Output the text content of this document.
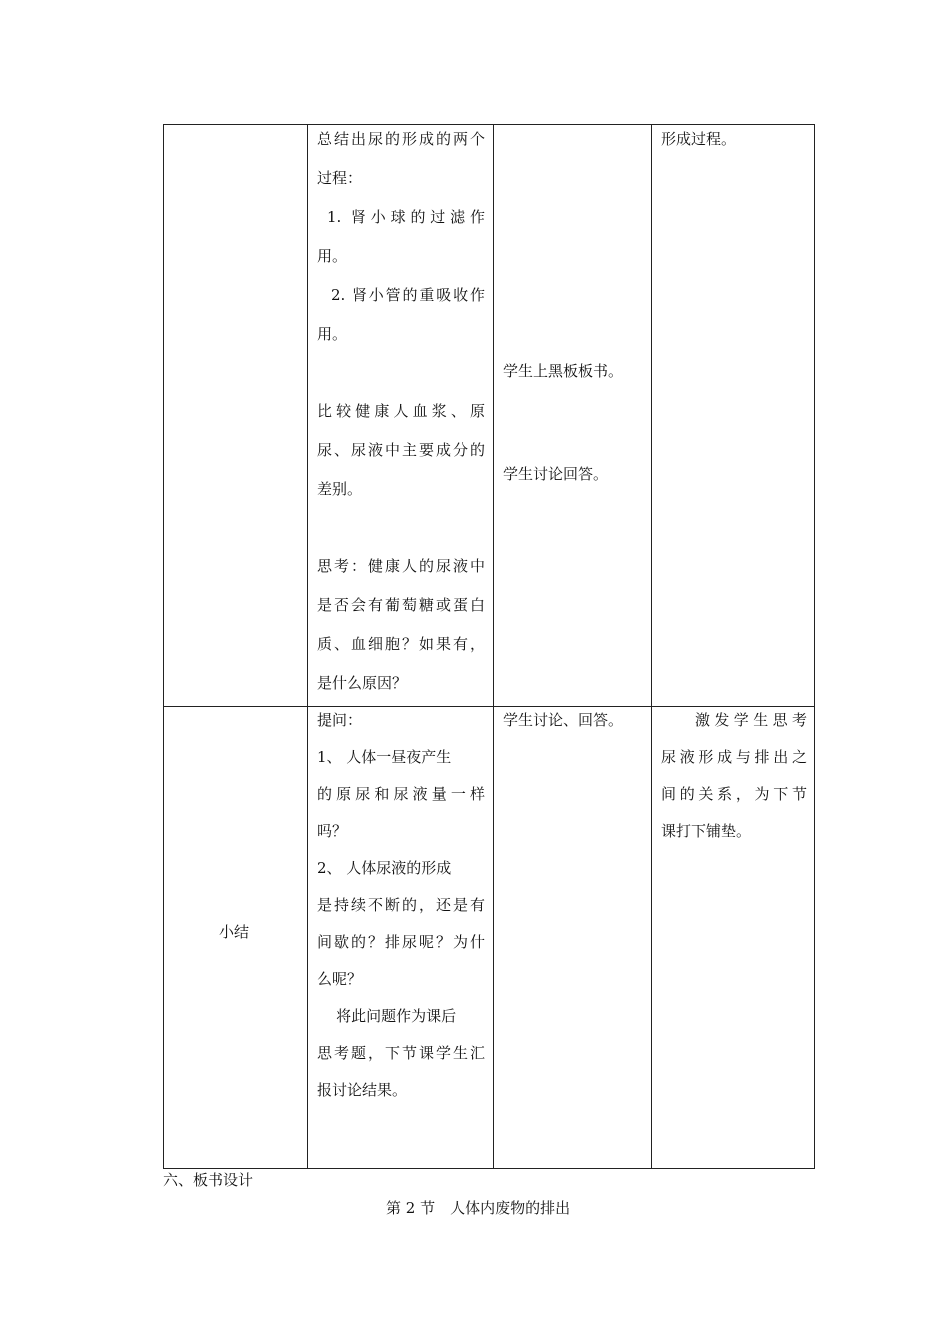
总结出尿的形成的两个
过程：
1. 肾小球的过滤作
用。
2. 肾小管的重吸收作
用。
比较健康人血浆、原
尿、尿液中主要成分的
差别。
思考：健康人的尿液中
是否会有葡萄糖或蛋白
质、血细胞？如果有，
是什么原因？
学生上黑板板书。
学生讨论回答。
形成过程。
小结
提问：
1、 人体一昼夜产生
的原尿和尿液量一样
吗？
2、 人体尿液的形成
是持续不断的，还是有
间歇的？排尿呢？为什
么呢？
将此问题作为课后
思考题，下节课学生汇
报讨论结果。
学生讨论、回答。	激发学生思考
尿液形成与排出之
间的关系，为下节
课打下铺垫。
六、板书设计
第 2 节　人体内废物的排出
